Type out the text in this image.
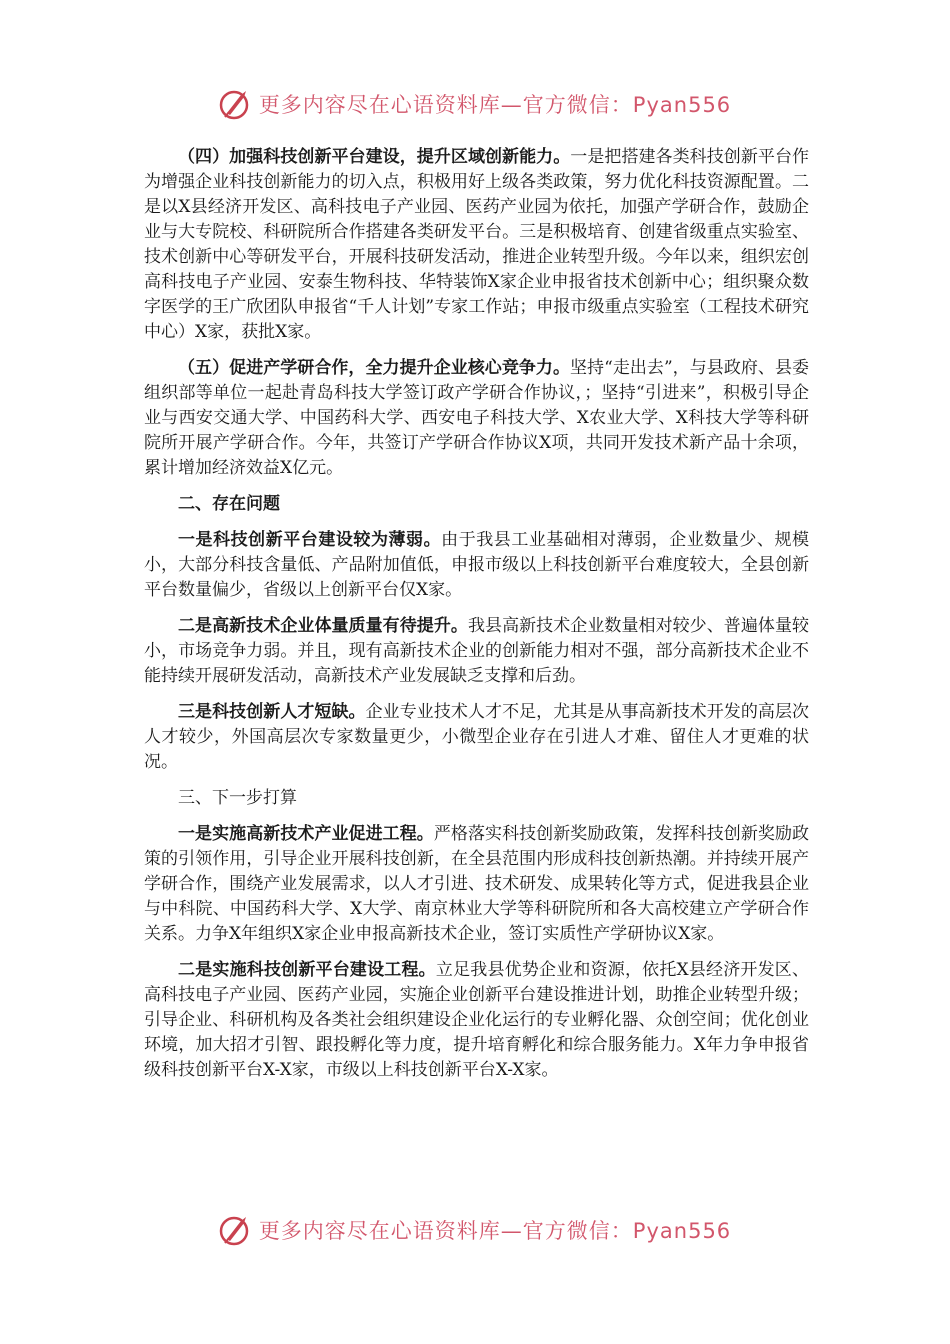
更多内容尽在心语资料库—官方微信：Pyan556

（四）加强科技创新平台建设，提升区域创新能力。一是把搭建各类科技创新平台作为增强企业科技创新能力的切入点，积极用好上级各类政策，努力优化科技资源配置。二是以X县经济开发区、高科技电子产业园、医药产业园为依托，加强产学研合作，鼓励企业与大专院校、科研院所合作搭建各类研发平台。三是积极培育、创建省级重点实验室、技术创新中心等研发平台，开展科技研发活动，推进企业转型升级。今年以来，组织宏创高科技电子产业园、安泰生物科技、华特装饰X家企业申报省技术创新中心；组织聚众数字医学的王广欣团队申报省“千人计划”专家工作站；申报市级重点实验室（工程技术研究中心）X家，获批X家。

（五）促进产学研合作，全力提升企业核心竞争力。坚持“走出去”，与县政府、县委组织部等单位一起赴青岛科技大学签订政产学研合作协议，；坚持“引进来”，积极引导企业与西安交通大学、中国药科大学、西安电子科技大学、X农业大学、X科技大学等科研院所开展产学研合作。今年，共签订产学研合作协议X项，共同开发技术新产品十余项，累计增加经济效益X亿元。

二、存在问题

一是科技创新平台建设较为薄弱。由于我县工业基础相对薄弱，企业数量少、规模小，大部分科技含量低、产品附加值低，申报市级以上科技创新平台难度较大，全县创新平台数量偏少，省级以上创新平台仅X家。

二是高新技术企业体量质量有待提升。我县高新技术企业数量相对较少、普遍体量较小，市场竞争力弱。并且，现有高新技术企业的创新能力相对不强，部分高新技术企业不能持续开展研发活动，高新技术产业发展缺乏支撑和后劲。

三是科技创新人才短缺。企业专业技术人才不足，尤其是从事高新技术开发的高层次人才较少，外国高层次专家数量更少，小微型企业存在引进人才难、留住人才更难的状况。

三、下一步打算

一是实施高新技术产业促进工程。严格落实科技创新奖励政策，发挥科技创新奖励政策的引领作用，引导企业开展科技创新，在全县范围内形成科技创新热潮。并持续开展产学研合作，围绕产业发展需求，以人才引进、技术研发、成果转化等方式，促进我县企业与中科院、中国药科大学、X大学、南京林业大学等科研院所和各大高校建立产学研合作关系。力争X年组织X家企业申报高新技术企业，签订实质性产学研协议X家。

二是实施科技创新平台建设工程。立足我县优势企业和资源，依托X县经济开发区、高科技电子产业园、医药产业园，实施企业创新平台建设推进计划，助推企业转型升级；引导企业、科研机构及各类社会组织建设企业化运行的专业孵化器、众创空间；优化创业环境，加大招才引智、跟投孵化等力度，提升培育孵化和综合服务能力。X年力争申报省级科技创新平台X-X家，市级以上科技创新平台X-X家。

更多内容尽在心语资料库—官方微信：Pyan556
